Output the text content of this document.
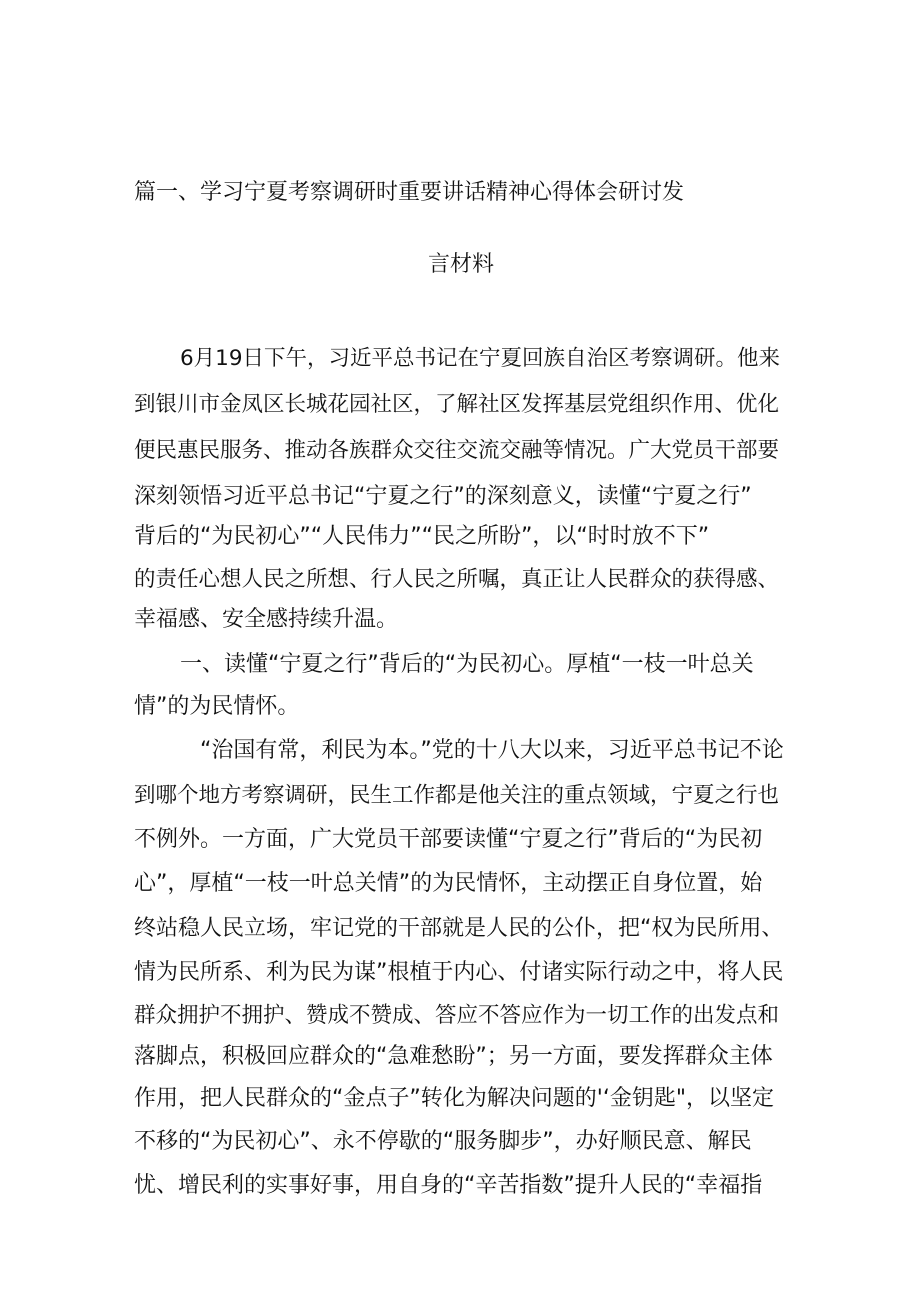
篇一、学习宁夏考察调研时重要讲话精神心得体会研讨发
言材料
6月19日下午，习近平总书记在宁夏回族自治区考察调研。他来
到银川市金凤区长城花园社区，了解社区发挥基层党组织作用、优化
便民惠民服务、推动各族群众交往交流交融等情况。广大党员干部要
深刻领悟习近平总书记“宁夏之行”的深刻意义，读懂“宁夏之行”
背后的“为民初心”“人民伟力”“民之所盼”，以“时时放不下”
的责任心想人民之所想、行人民之所嘱，真正让人民群众的获得感、
幸福感、安全感持续升温。
一、读懂“宁夏之行”背后的“为民初心。厚植“一枝一叶总关
情”的为民情怀。
“治国有常，利民为本。”党的十八大以来，习近平总书记不论
到哪个地方考察调研，民生工作都是他关注的重点领域，宁夏之行也
不例外。一方面，广大党员干部要读懂“宁夏之行”背后的“为民初
心”，厚植“一枝一叶总关情”的为民情怀，主动摆正自身位置，始
终站稳人民立场，牢记党的干部就是人民的公仆，把“权为民所用、
情为民所系、利为民为谋”根植于内心、付诸实际行动之中，将人民
群众拥护不拥护、赞成不赞成、答应不答应作为一切工作的出发点和
落脚点，积极回应群众的“急难愁盼”；另一方面，要发挥群众主体
作用，把人民群众的“金点子”转化为解决问题的'‘金钥匙"，以坚定
不移的“为民初心”、永不停歇的“服务脚步”，办好顺民意、解民
忧、增民利的实事好事，用自身的“辛苦指数”提升人民的“幸福指
